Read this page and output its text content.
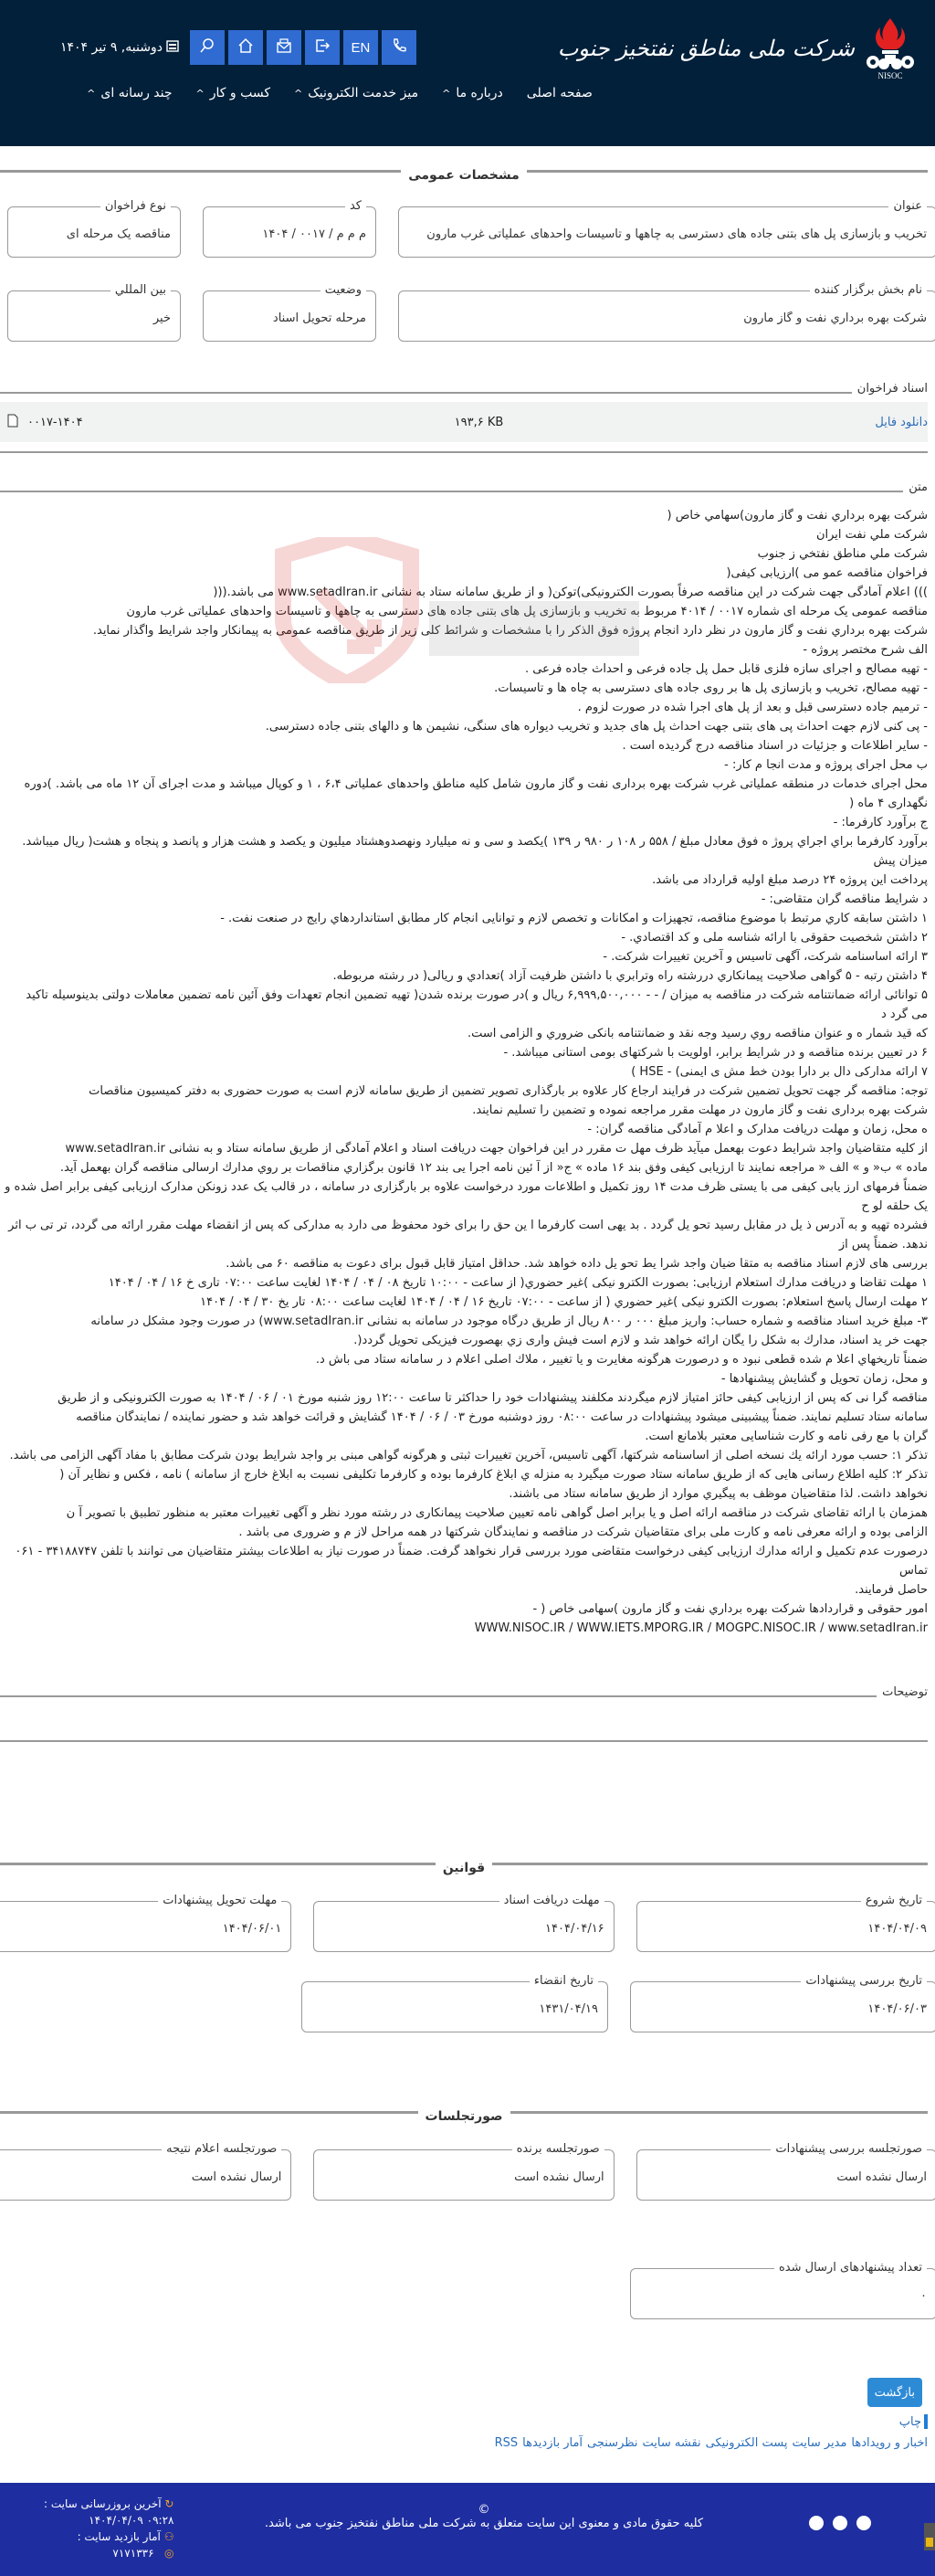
NISOC
شرکت ملی مناطق نفتخیز جنوب
دوشنبه, ۹ تیر ۱۴۰۴	EN
صفحه اصلی
درباره ما
^
میز خدمت الکترونیک
^
کسب و کار
^
چند رسانه ای
^
مشخصات عمومی
عنوان
تخریب و بازسازی پل های بتنی جاده های دسترسی به چاهها و تاسیسات واحدهای عملیاتی غرب مارون
کد
م م م / ۰۰۱۷ / ۱۴۰۴
نوع فراخوان
مناقصه یک مرحله ای
نام بخش برگزار کننده
شرکت بهره برداري نفت و گاز مارون
وضعیت
مرحله تحویل اسناد
بین المللي
خیر
اسناد فراخوان
دانلود فایل
۱۹۳,۶ KB
۰۰۱۷-۱۴۰۴
متن

شرکت بهره برداري نفت و گاز مارون)سهامي خاص (

شرکت ملي نفت ایران

شرکت ملي مناطق نفتخي ز جنوب

فراخوان مناقصه عمو می )ارزیابی کیفی(

))) اعلام آمادگی جهت شرکت در این مناقصه صرفاً بصورت الکترونیکی)توکن( و از طریق سامانه ستاد به نشانی www.setadIran.ir می باشد.(((

مناقصه عمومی یک مرحله ای شماره ۰۰۱۷ / ۴۰۱۴ مربوط به تخریب و بازسازی پل های بتنی جاده های دسترسی به چاهها و تاسیسات واحدهای عملیاتی غرب مارون

شرکت بهره برداري نفت و گاز مارون در نظر دارد انجام پروژه فوق الذکر را با مشخصات و شرائط کلی زیر از طریق مناقصه عمومی به پیمانکار واجد شرایط واگذار نماید.

الف شرح مختصر پروژه -

- تهیه مصالح و اجرای سازه فلزی قابل حمل پل جاده فرعی و احداث جاده فرعی .

- تهیه مصالح، تخریب و بازسازی پل ها بر روی جاده های دسترسی به چاه ها و تاسیسات.

- ترمیم جاده دسترسی قبل و بعد از پل های اجرا شده در صورت لزوم .

- پی کنی لازم جهت احداث پی های بتنی جهت احداث پل های جدید و تخریب دیواره های سنگی، نشیمن ها و دالهای بتنی جاده دسترسی.

- سایر اطلاعات و جزئیات در اسناد مناقصه درج گردیده است .

ب محل اجرای پروژه و مدت انجا م کار: -

محل اجرای خدمات در منطقه عملیاتی غرب شرکت بهره برداری نفت و گاز مارون شامل کلیه مناطق واحدهای عملیاتی ۶،۴ ، ۱ و کوپال میباشد و مدت اجرای آن ۱۲ ماه می باشد. )دوره

نگهداری ۴ ماه (

ج برآورد کارفرما: -

برآورد کارفرما براي اجراي پروژ ه فوق معادل مبلغ / ۵۵۸ ر ۱۰۸ ر ۹۸۰ ر ۱۳۹ )یکصد و سی و نه میلیارد ونهصدوهشتاد میلیون و یکصد و هشت هزار و پانصد و پنجاه و هشت( ریال میباشد.

میزان پیش

پرداخت این پروژه ۲۴ درصد مبلغ اولیه قرارداد می باشد.

د شرایط مناقصه گران متقاضی: -

۱ داشتن سابقه کاري مرتبط با موضوع مناقصه، تجهیزات و امکانات و تخصص لازم و توانایی انجام کار مطابق استانداردهاي رایج در صنعت نفت. -

۲ داشتن شخصیت حقوقی با ارائه شناسه ملی و کد اقتصادي. -

۳ ارائه اساسنامه شرکت، آگهی تاسیس و آخرین تغییرات شرکت. -

۴ داشتن رتبه - ۵ گواهی صلاحیت پیمانکاري دررشته راه وترابري با داشتن ظرفیت آزاد )تعدادي و ریالی( در رشته مربوطه.

۵ توانائی ارائه ضمانتنامه شرکت در مناقصه به میزان / - - ۶,۹۹۹,۵۰۰,۰۰۰ ریال و )در صورت برنده شدن( تهیه تضمین انجام تعهدات وفق آئین نامه تضمین معاملات دولتی بدینوسیله تاکید

می گرد د

که قید شمار ه و عنوان مناقصه روي رسید وجه نقد و ضمانتنامه بانکی ضروري و الزامی است.

۶ در تعیین برنده مناقصه و در شرایط برابر، اولویت با شرکتهای بومی استانی میباشد. -

۷ ارائه مدارکی دال بر دارا بودن خط مش ی ایمنی) - HSE )

توجه: مناقصه گر جهت تحویل تضمین شرکت در فرایند ارجاع کار علاوه بر بارگذاری تصویر تضمین از طریق سامانه لازم است به صورت حضوری به دفتر کمیسیون مناقصات

شرکت بهره برداری نفت و گاز مارون در مهلت مقرر مراجعه نموده و تضمین را تسلیم نمایند.

ه محل، زمان و مهلت دریافت مدارک و اعلا م آمادگی مناقصه گران: -

از کلیه متقاضیان واجد شرایط دعوت بهعمل میآید ظرف مهل ت مقرر در این فراخوان جهت دریافت اسناد و اعلام آمادگی از طریق سامانه ستاد و به نشانی www.setadIran.ir

ماده » ب« و » الف « مراجعه نمایند تا ارزیابی کیفی وفق بند ۱۶ ماده » ج« از آ ئین نامه اجرا یی بند ۱۲ قانون برگزاري مناقصات بر روي مدارك ارسالی مناقصه گران بهعمل آید.

ضمناً فرمهای ارز یابی کیفی می با یستی ظرف مدت ۱۴ روز تکمیل و اطلاعات مورد درخواست علاوه بر بارگزاری در سامانه ، در قالب یک عدد زونکن مدارک ارزیابی کیفی برابر اصل شده و

یک حلقه لو ح

فشرده تهیه و به آدرس ذ یل در مقابل رسید تحو یل گردد . بد یهی است کارفرما ا ین حق را برای خود محفوظ می دارد به مدارکی که پس از انقضاء مهلت مقرر ارائه می گردد، تر تی ب اثر

ندهد. ضمناً پس از

بررسی های لازم اسناد مناقصه به متقا ضیان واجد شرا یط تحو یل داده خواهد شد. حداقل امتیاز قابل قبول برای دعوت به مناقصه ۶۰ می باشد.

۱ مهلت تقاضا و دریافت مدارك استعلام ارزیابی: بصورت الکترو نیکی )غیر حضوري( از ساعت - ۱۰:۰۰ تاریخ ۰۸ / ۰۴ / ۱۴۰۴ لغایت ساعت ۰۷:۰۰ تاری خ ۱۶ / ۰۴ / ۱۴۰۴

۲ مهلت ارسال پاسخ استعلام: بصورت الکترو نیکی )غیر حضوري ( از ساعت - ۰۷:۰۰ تاریخ ۱۶ / ۰۴ / ۱۴۰۴ لغایت ساعت ۰۸:۰۰ تار یخ ۳۰ / ۰۴ / ۱۴۰۴

۳- مبلغ خرید اسناد مناقصه و شماره حساب: واریز مبلغ ۰۰۰ ر ۸۰۰ ریال از طریق درگاه موجود در سامانه به نشانی www.setadIran.ir) در صورت وجود مشکل در سامانه

جهت خر ید اسناد، مدارك به شکل را یگان ارائه خواهد شد و لازم است فیش واری زي بهصورت فیزیکی تحویل گردد(.

ضمناً تاریخهاي اعلا م شده قطعی نبود ه و درصورت هرگونه مغایرت و یا تغییر ، ملاك اصلی اعلام د ر سامانه ستاد می باش د.

و محل، زمان تحویل و گشایش پیشنهادها -

مناقصه گرا نی که پس از ارزیابی کیفی حائز امتیاز لازم میگردند مکلفند پیشنهادات خود را حداکثر تا ساعت ۱۲:۰۰ روز شنبه مورخ ۰۱ / ۰۶ / ۱۴۰۴ به صورت الکترونیکی و از طریق

سامانه ستاد تسلیم نمایند. ضمناً پیشبینی میشود پیشنهادات در ساعت ۰۸:۰۰ روز دوشنبه مورخ ۰۳ / ۰۶ / ۱۴۰۴ گشایش و قرائت خواهد شد و حضور نماینده / نمایندگان مناقصه

گران با مع رفی نامه و کارت شناسایی معتبر بلامانع است.

تذکر ۱: حسب مورد ارائه یك نسخه اصلی از اساسنامه شرکتها، آگهی تاسیس، آخرین تغییرات ثبتی و هرگونه گواهی مبنی بر واجد شرایط بودن شرکت مطابق با مفاد آگهی الزامی می باشد.

تذکر ۲: کلیه اطلاع رسانی هایی که از طریق سامانه ستاد صورت میگیرد به منزله ي ابلاغ کارفرما بوده و کارفرما تکلیفی نسبت به ابلاغ خارج از سامانه ) نامه ، فکس و نظایر آن (

نخواهد داشت. لذا متقاضیان موظف به پیگیري موارد از طریق سامانه ستاد می باشند.

همزمان با ارائه تقاضای شرکت در مناقصه ارائه اصل و یا برابر اصل گواهی نامه تعیین صلاحیت پیمانکاری در رشته مورد نظر و آگهی تغییرات معتبر به منظور تطبیق با تصویر آ ن

الزامی بوده و ارائه معرفی نامه و کارت ملی برای متقاضیان شرکت در مناقصه و نمایندگان شرکتها در همه مراحل لاز م و ضروری می باشد .

درصورت عدم تکمیل و ارائه مدارك ارزیابی کیفی درخواست متقاضی مورد بررسی قرار نخواهد گرفت. ضمناً در صورت نیاز به اطلاعات بیشتر متقاضیان می توانند با تلفن ۳۴۱۸۸۷۴۷ - ۰۶۱

تماس

حاصل فرمایند.

امور حقوقی و قراردادها شرکت بهره برداري نفت و گاز مارون )سهامی خاص ( -

WWW.NISOC.IR / WWW.IETS.MPORG.IR / MOGPC.NISOC.IR / www.setadIran.ir

توضیحات
قوانین
تاریخ شروع
۱۴۰۴/۰۴/۰۹
مهلت دریافت اسناد
۱۴۰۴/۰۴/۱۶
مهلت تحویل پیشنهادات
۱۴۰۴/۰۶/۰۱
تاریخ بررسی پیشنهادات
۱۴۰۴/۰۶/۰۳
تاریخ انقضاء
۱۴۳۱/۰۴/۱۹
صورتجلسات
صورتجلسه بررسی پیشنهادات
ارسال نشده است
صورتجلسه برنده
ارسال نشده است
صورتجلسه اعلام نتیجه
ارسال نشده است
تعداد پیشنهادهای ارسال شده
۰
بازگشت
چاپ
اخبار و رویدادها
مدیر سایت
پست الکترونیکی
نقشه سایت
نظرسنجی
آمار بازدیدها
RSS
©
کلیه حقوق مادی و معنوی این سایت متعلق به شرکت ملی مناطق نفتخیز جنوب می باشد.
↻ آخرین بروزرسانی سایت :
۰۹:۲۸ ۱۴۰۴/۰۴/۰۹
⚇ آمار بازدید سایت :
◎   ۷۱۷۱۳۳۶
